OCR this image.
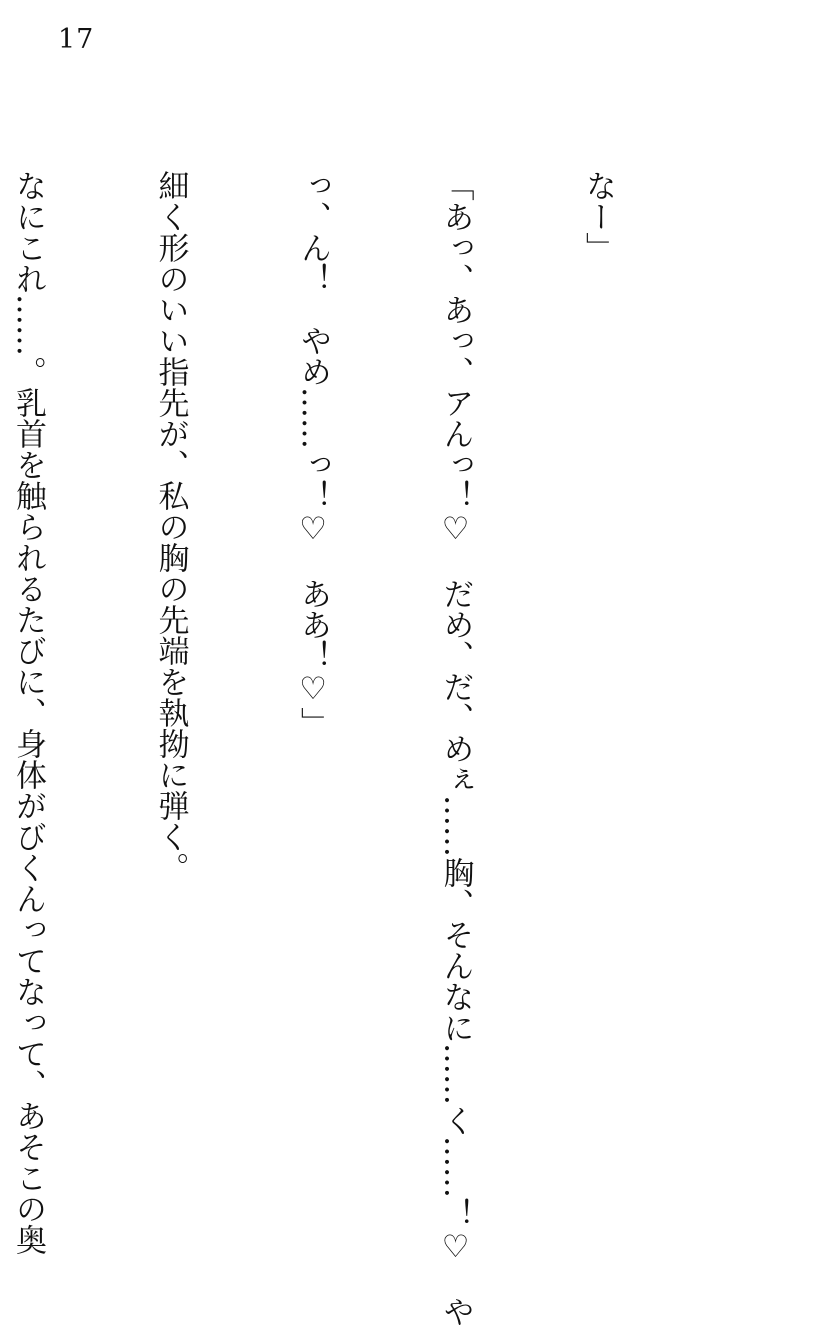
17

なー」

「あっ、あっ、アんっ！♡　だめ、だ、めぇ……胸、そんなに……く……！♡　や

っ、ん！　やめ……っ！♡　ああ！♡」

細く形のいい指先が、私の胸の先端を執拗に弾く。

なにこれ……。乳首を触られるたびに、身体がびくんってなって、あそこの奥
